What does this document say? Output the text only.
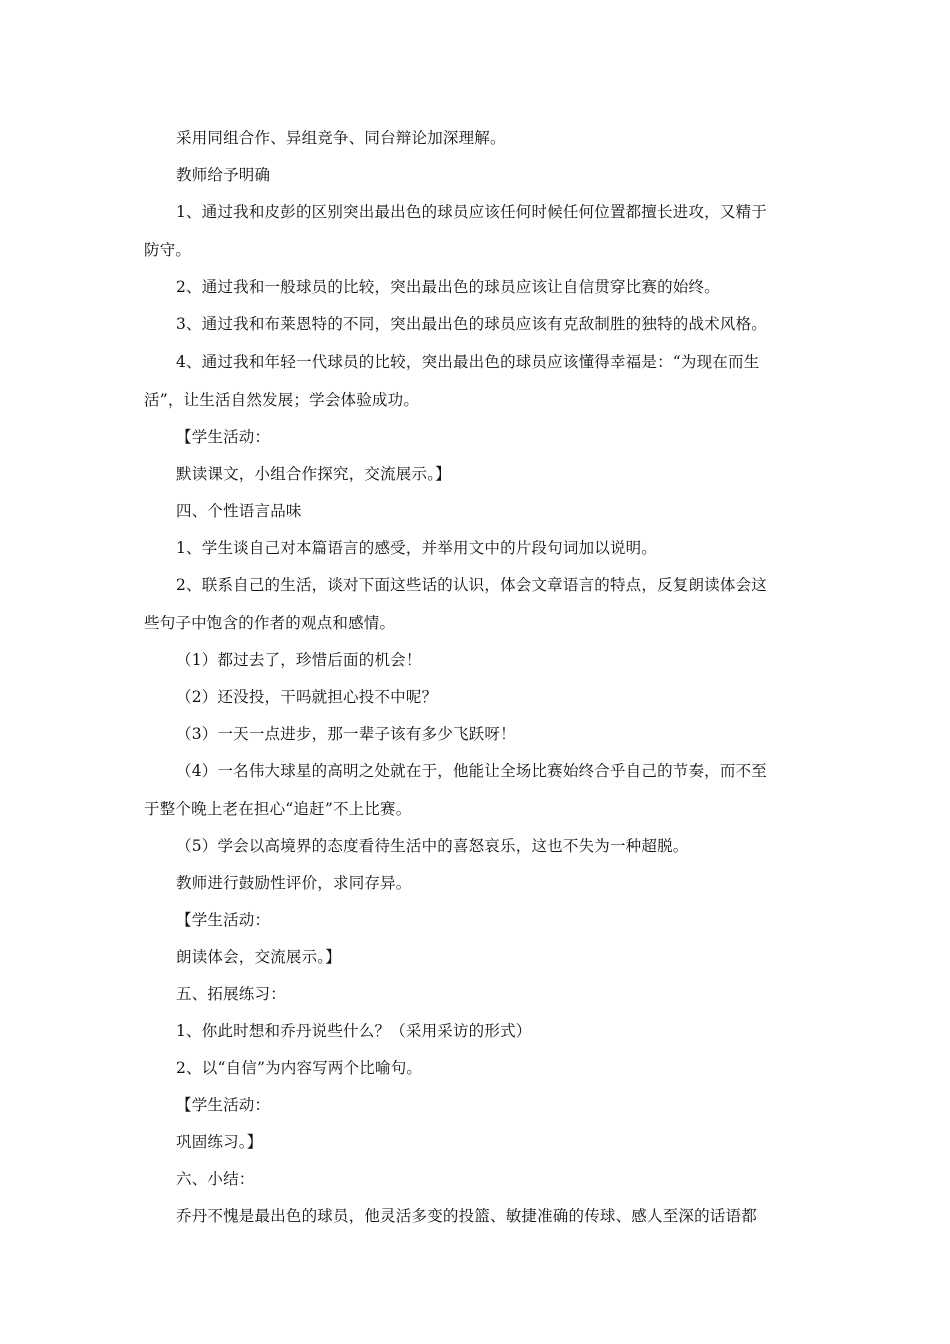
采用同组合作、异组竞争、同台辩论加深理解。
教师给予明确
1、通过我和皮彭的区别突出最出色的球员应该任何时候任何位置都擅长进攻，又精于
防守。
2、通过我和一般球员的比较，突出最出色的球员应该让自信贯穿比赛的始终。
3、通过我和布莱恩特的不同，突出最出色的球员应该有克敌制胜的独特的战术风格。
4、通过我和年轻一代球员的比较，突出最出色的球员应该懂得幸福是：“为现在而生
活”，让生活自然发展；学会体验成功。
【学生活动：
默读课文，小组合作探究，交流展示。】
四、个性语言品味
1、学生谈自己对本篇语言的感受，并举用文中的片段句词加以说明。
2、联系自己的生活，谈对下面这些话的认识，体会文章语言的特点，反复朗读体会这
些句子中饱含的作者的观点和感情。
（1）都过去了，珍惜后面的机会！
（2）还没投，干吗就担心投不中呢？
（3）一天一点进步，那一辈子该有多少飞跃呀！
（4）一名伟大球星的高明之处就在于，他能让全场比赛始终合乎自己的节奏，而不至
于整个晚上老在担心“追赶”不上比赛。
（5）学会以高境界的态度看待生活中的喜怒哀乐，这也不失为一种超脱。
教师进行鼓励性评价，求同存异。
【学生活动：
朗读体会，交流展示。】
五、拓展练习：
1、你此时想和乔丹说些什么？（采用采访的形式）
2、以“自信”为内容写两个比喻句。
【学生活动：
巩固练习。】
六、小结：
乔丹不愧是最出色的球员，他灵活多变的投篮、敏捷准确的传球、感人至深的话语都
